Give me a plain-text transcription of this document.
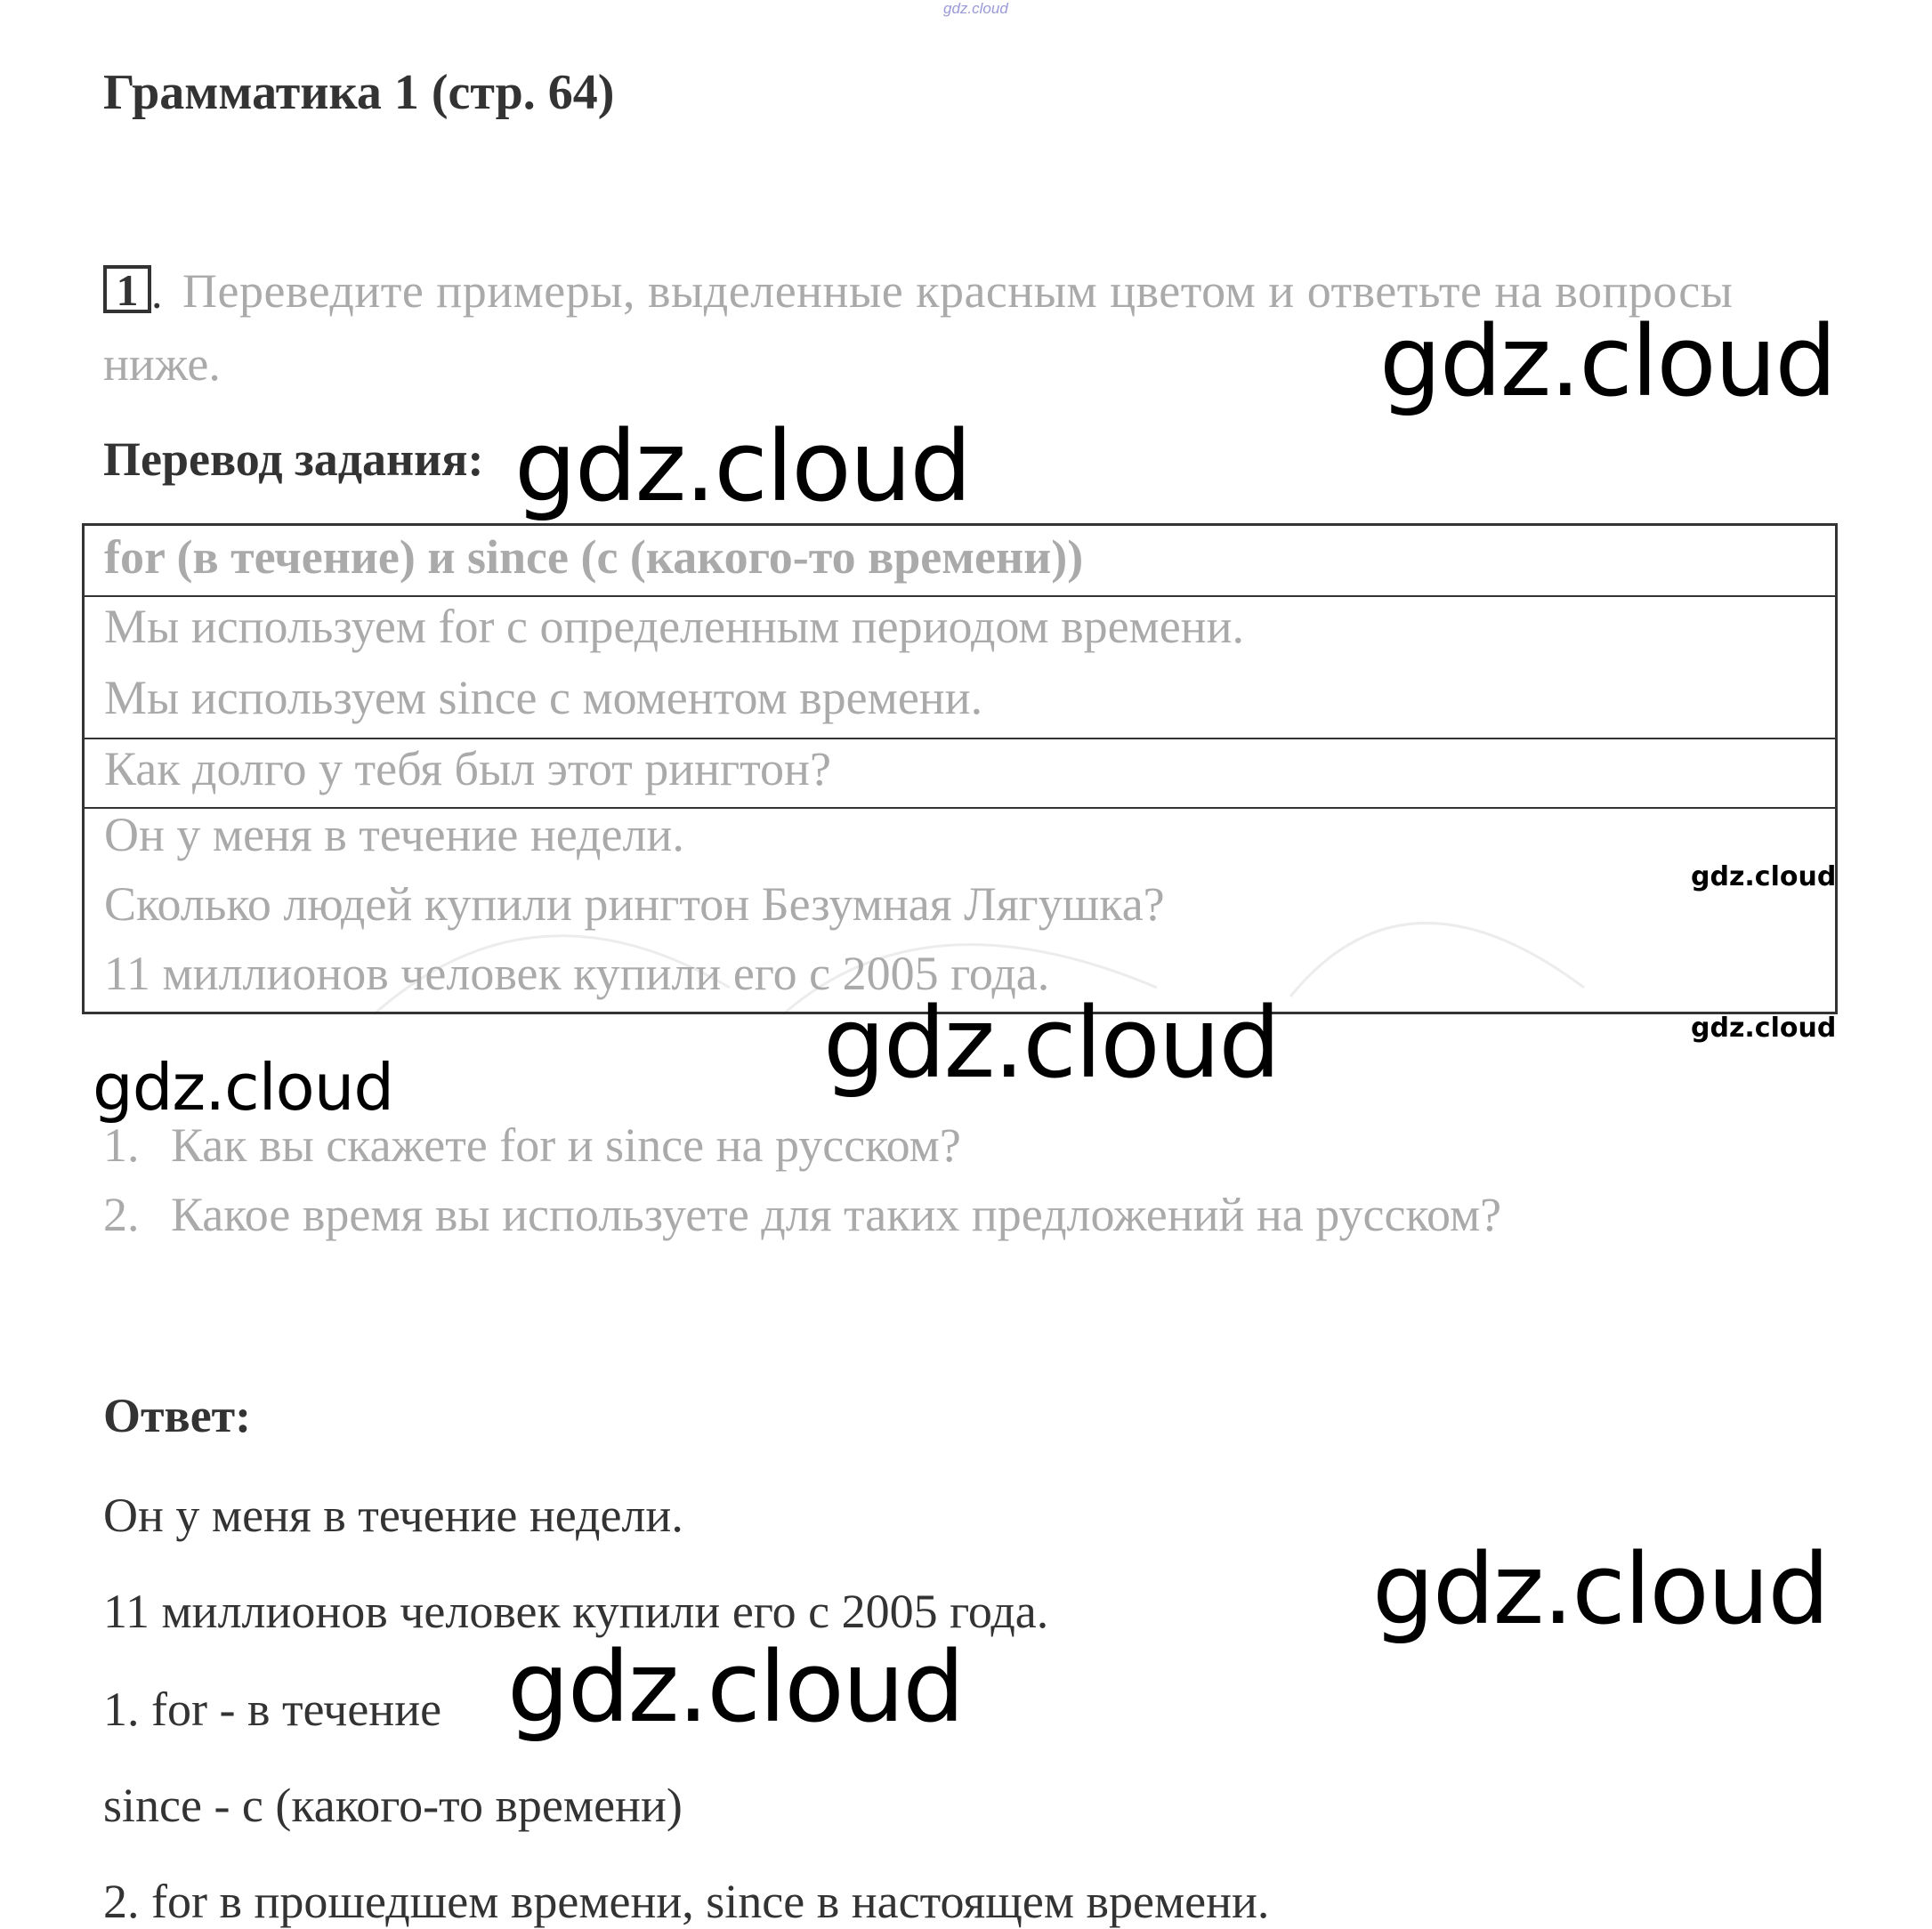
gdz.cloud
Грамматика 1 (стр. 64)
1 . Переведите примеры, выделенные красным цветом и ответьте на вопросы
ниже.
Перевод задания:
for (в течение) и since (с (какого-то времени))
Мы используем for с определенным периодом времени.
Мы используем since с моментом времени.
Как долго у тебя был этот рингтон?
Он у меня в течение недели.
Сколько людей купили рингтон Безумная Лягушка?
11 миллионов человек купили его с 2005 года.
1. Как вы скажете for и since на русском?
2. Какое время вы используете для таких предложений на русском?
Ответ:
Он у меня в течение недели.
11 миллионов человек купили его с 2005 года.
1. for - в течение
since - с (какого-то времени)
2. for в прошедшем времени, since в настоящем времени.
gdz.cloud
gdz.cloud
gdz.cloud
gdz.cloud
gdz.cloud
gdz.cloud
gdz.cloud
gdz.cloud
